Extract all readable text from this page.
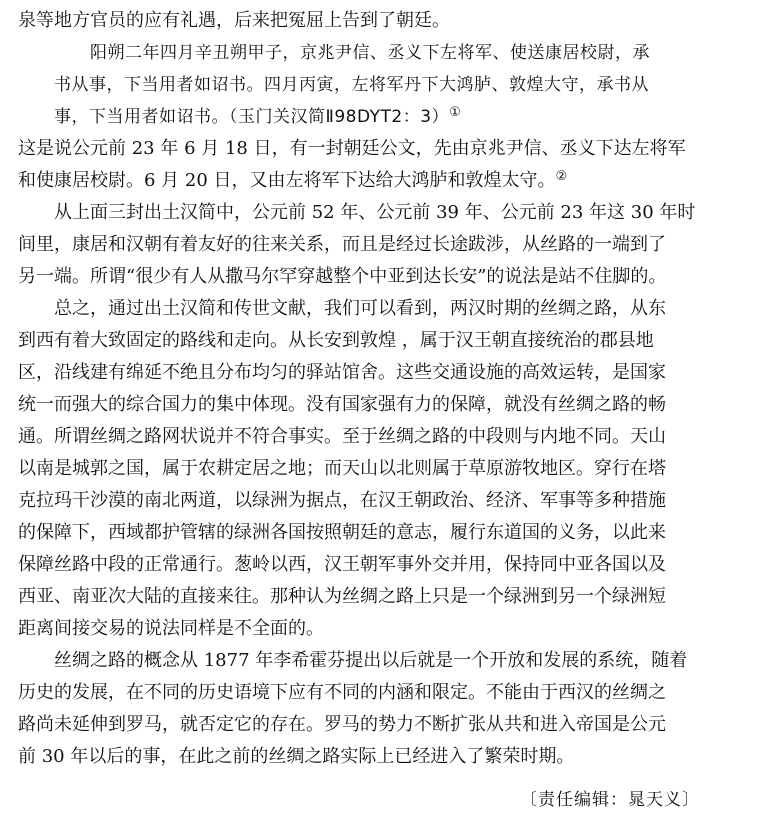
泉等地方官员的应有礼遇，后来把冤屈上告到了朝廷。
阳朔二年四月辛丑朔甲子，京兆尹信、丞义下左将军、使送康居校尉，承
书从事，下当用者如诏书。四月丙寅，左将军丹下大鸿胪、敦煌大守，承书从
事，下当用者如诏书。（玉门关汉简Ⅱ98DYT2：3）①
这是说公元前 23 年 6 月 18 日，有一封朝廷公文，先由京兆尹信、丞义下达左将军
和使康居校尉。6 月 20 日，又由左将军下达给大鸿胪和敦煌太守。②
从上面三封出土汉简中，公元前 52 年、公元前 39 年、公元前 23 年这 30 年时
间里，康居和汉朝有着友好的往来关系，而且是经过长途跋涉，从丝路的一端到了
另一端。所谓“很少有人从撒马尔罕穿越整个中亚到达长安”的说法是站不住脚的。
总之，通过出土汉简和传世文献，我们可以看到，两汉时期的丝绸之路，从东
到西有着大致固定的路线和走向。从长安到敦煌 ，属于汉王朝直接统治的郡县地
区，沿线建有绵延不绝且分布均匀的驿站馆舍。这些交通设施的高效运转，是国家
统一而强大的综合国力的集中体现。没有国家强有力的保障，就没有丝绸之路的畅
通。所谓丝绸之路网状说并不符合事实。至于丝绸之路的中段则与内地不同。天山
以南是城郭之国，属于农耕定居之地；而天山以北则属于草原游牧地区。穿行在塔
克拉玛干沙漠的南北两道，以绿洲为据点，在汉王朝政治、经济、军事等多种措施
的保障下，西域都护管辖的绿洲各国按照朝廷的意志，履行东道国的义务，以此来
保障丝路中段的正常通行。葱岭以西，汉王朝军事外交并用，保持同中亚各国以及
西亚、南亚次大陆的直接来往。那种认为丝绸之路上只是一个绿洲到另一个绿洲短
距离间接交易的说法同样是不全面的。
丝绸之路的概念从 1877 年李希霍芬提出以后就是一个开放和发展的系统，随着
历史的发展，在不同的历史语境下应有不同的内涵和限定。不能由于西汉的丝绸之
路尚未延伸到罗马，就否定它的存在。罗马的势力不断扩张从共和进入帝国是公元
前 30 年以后的事，在此之前的丝绸之路实际上已经进入了繁荣时期。
〔责任编辑：晁天义〕
